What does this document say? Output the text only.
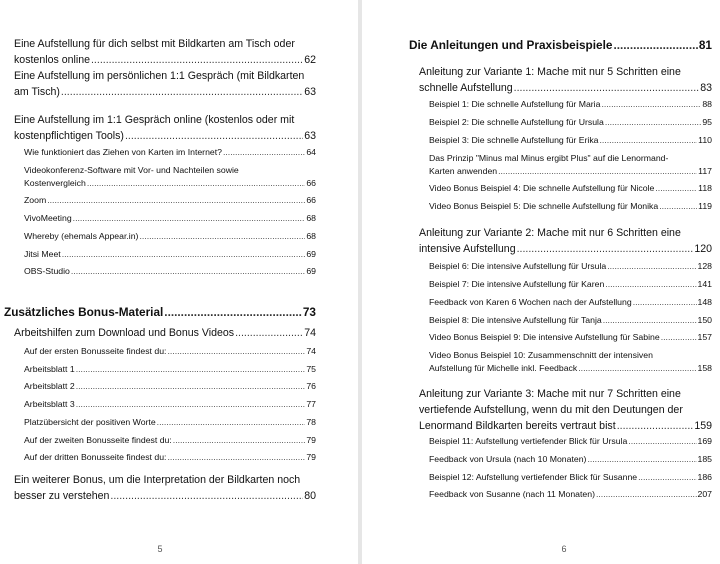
Eine Aufstellung für dich selbst mit Bildkarten am Tisch oder
kostenlos online .....	62
Eine Aufstellung im persönlichen 1:1 Gespräch (mit Bildkarten
am Tisch) .....	63
Eine Aufstellung im 1:1 Gespräch online (kostenlos oder mit
kostenpflichtigen Tools) .....	63
Wie funktioniert das Ziehen von Karten im Internet? .....	64
Videokonferenz-Software mit Vor- und Nachteilen sowie
Kostenvergleich .....	66
Zoom .....	66
VivoMeeting .....	68
Whereby (ehemals Appear.in) .....	68
Jitsi Meet .....	69
OBS-Studio .....	69
Zusätzliches Bonus-Material .....	73
Arbeitshilfen zum Download und Bonus Videos .....	74
Auf der ersten Bonusseite findest du: .....	74
Arbeitsblatt 1 .....	75
Arbeitsblatt 2 .....	76
Arbeitsblatt 3 .....	77
Platzübersicht der positiven Worte .....	78
Auf der zweiten Bonusseite findest du: .....	79
Auf der dritten Bonusseite findest du: .....	79
Ein weiterer Bonus, um die Interpretation der Bildkarten noch
besser zu verstehen .....	80
5
Die Anleitungen und Praxisbeispiele .....	81
Anleitung zur Variante 1: Mache mit nur 5 Schritten eine
schnelle Aufstellung .....	83
Beispiel 1: Die schnelle Aufstellung für Maria .....	88
Beispiel 2: Die schnelle Aufstellung für Ursula .....	95
Beispiel 3: Die schnelle Aufstellung für Erika .....	110
Das Prinzip "Minus mal Minus ergibt Plus" auf die Lenormand-
Karten anwenden .....	117
Video Bonus Beispiel 4: Die schnelle Aufstellung für Nicole .....	118
Video Bonus Beispiel 5: Die schnelle Aufstellung für Monika .....	119
Anleitung zur Variante 2: Mache mit nur 6 Schritten eine
intensive Aufstellung .....	120
Beispiel 6: Die intensive Aufstellung für Ursula .....	128
Beispiel 7: Die intensive Aufstellung für Karen .....	141
Feedback von Karen 6 Wochen nach der Aufstellung .....	148
Beispiel 8: Die intensive Aufstellung für Tanja .....	150
Video Bonus Beispiel 9: Die intensive Aufstellung für Sabine .....	157
Video Bonus Beispiel 10: Zusammenschnitt der intensiven
Aufstellung für Michelle inkl. Feedback .....	158
Anleitung zur Variante 3: Mache mit nur 7 Schritten eine
vertiefende Aufstellung, wenn du mit den Deutungen der
Lenormand Bildkarten bereits vertraut bist .....	159
Beispiel 11: Aufstellung vertiefender Blick für Ursula .....	169
Feedback von Ursula (nach 10 Monaten) .....	185
Beispiel 12: Aufstellung vertiefender Blick für Susanne .....	186
Feedback von Susanne (nach 11 Monaten) .....	207
6
